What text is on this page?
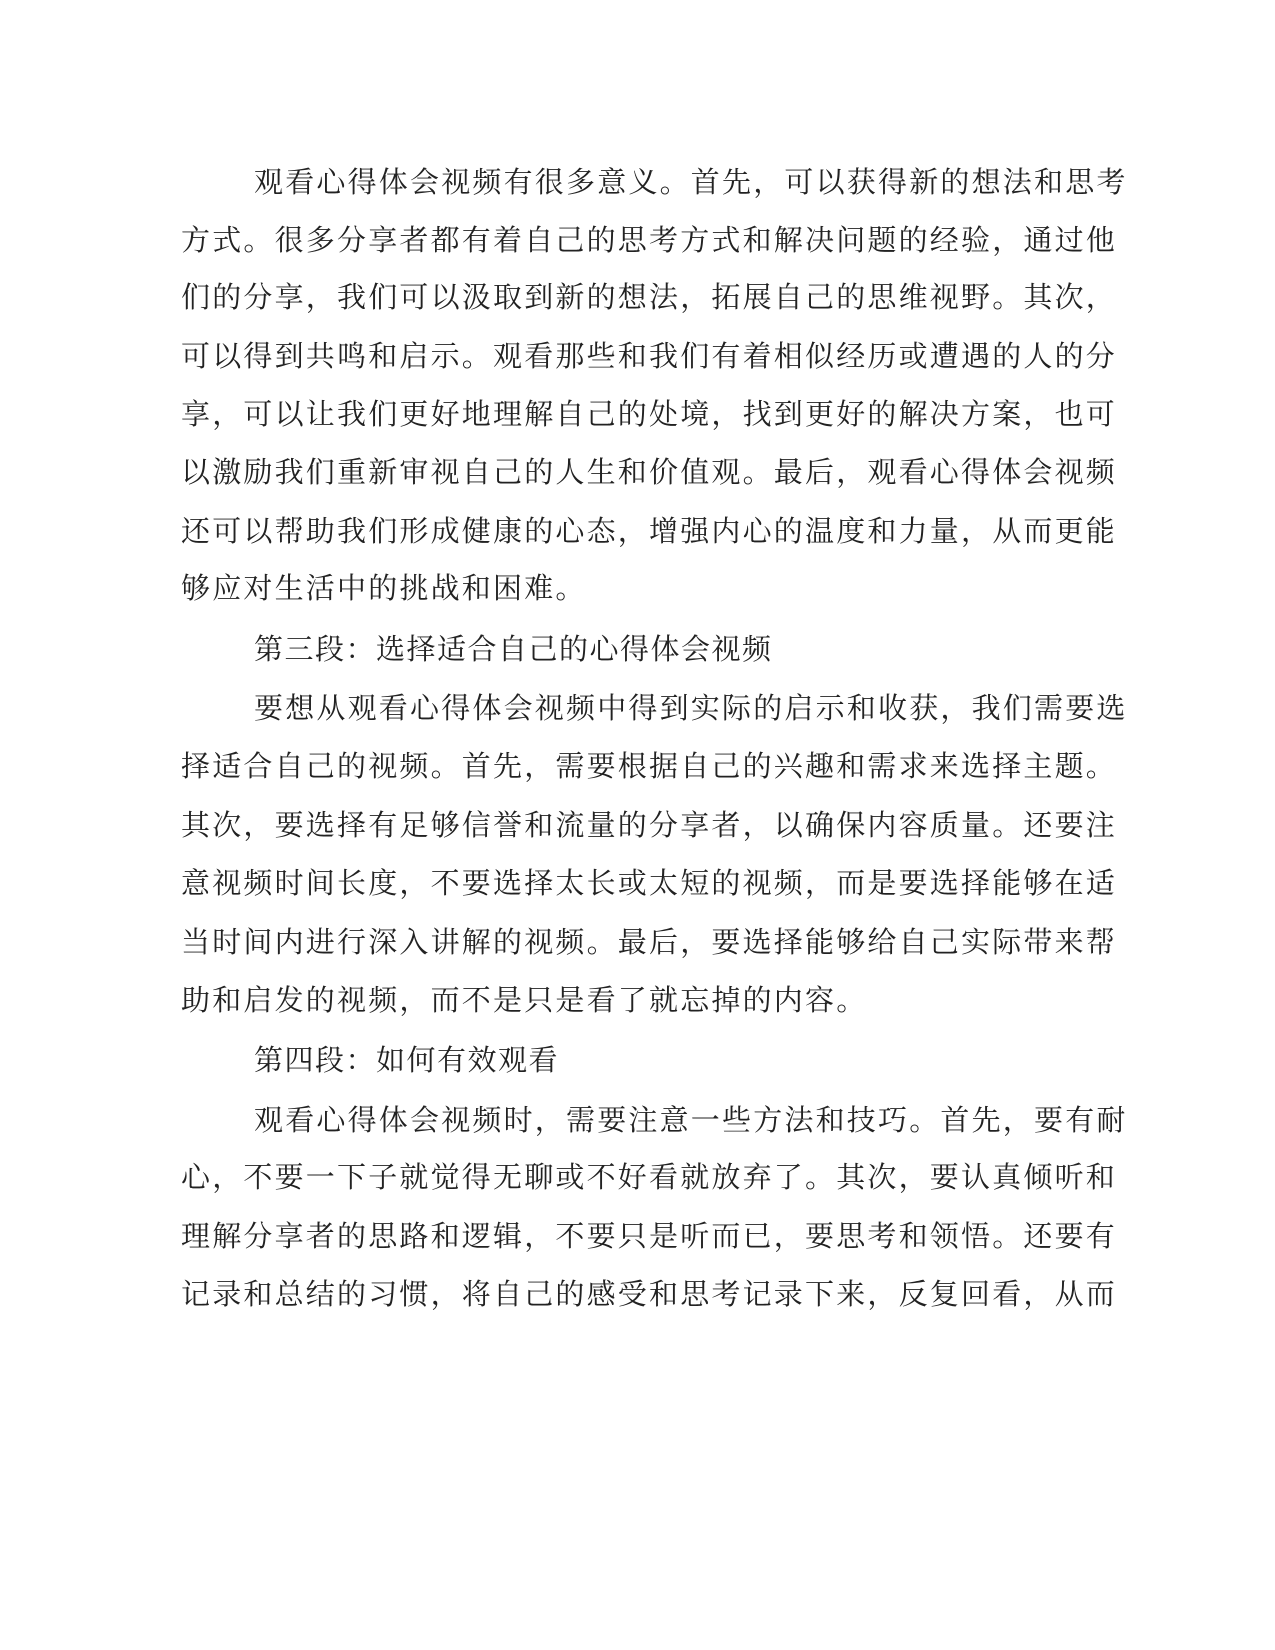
观看心得体会视频有很多意义。首先，可以获得新的想法和思考
方式。很多分享者都有着自己的思考方式和解决问题的经验，通过他
们的分享，我们可以汲取到新的想法，拓展自己的思维视野。其次，
可以得到共鸣和启示。观看那些和我们有着相似经历或遭遇的人的分
享，可以让我们更好地理解自己的处境，找到更好的解决方案，也可
以激励我们重新审视自己的人生和价值观。最后，观看心得体会视频
还可以帮助我们形成健康的心态，增强内心的温度和力量，从而更能
够应对生活中的挑战和困难。
第三段：选择适合自己的心得体会视频
要想从观看心得体会视频中得到实际的启示和收获，我们需要选
择适合自己的视频。首先，需要根据自己的兴趣和需求来选择主题。
其次，要选择有足够信誉和流量的分享者，以确保内容质量。还要注
意视频时间长度，不要选择太长或太短的视频，而是要选择能够在适
当时间内进行深入讲解的视频。最后，要选择能够给自己实际带来帮
助和启发的视频，而不是只是看了就忘掉的内容。
第四段：如何有效观看
观看心得体会视频时，需要注意一些方法和技巧。首先，要有耐
心，不要一下子就觉得无聊或不好看就放弃了。其次，要认真倾听和
理解分享者的思路和逻辑，不要只是听而已，要思考和领悟。还要有
记录和总结的习惯，将自己的感受和思考记录下来，反复回看，从而
